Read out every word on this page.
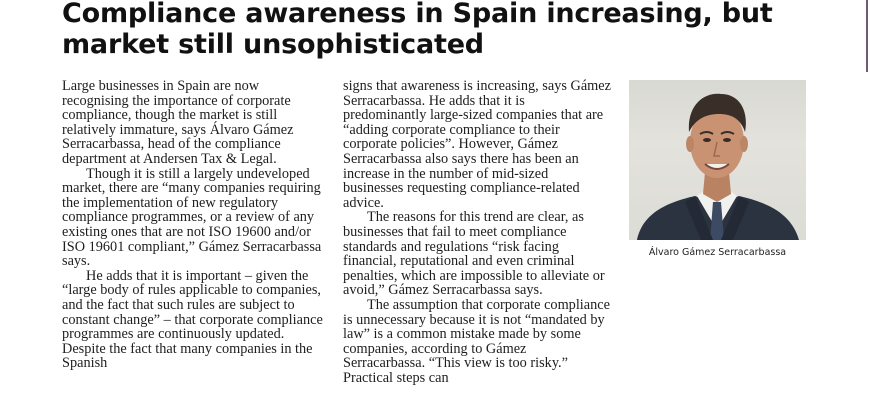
Compliance awareness in Spain increasing, but market still unsophisticated

Large businesses in Spain are now recognising the importance of corporate compliance, though the market is still relatively immature, says Álvaro Gámez Serracarbassa, head of the compliance department at Andersen Tax & Legal.

Though it is still a largely undeveloped market, there are “many companies requiring the implementation of new regulatory compliance programmes, or a review of any existing ones that are not ISO 19600 and/or ISO 19601 compliant,” Gámez Serracarbassa says.

He adds that it is important – given the “large body of rules applicable to companies, and the fact that such rules are subject to constant change” – that corporate compliance programmes are continuously updated. Despite the fact that many companies in the Spanish

signs that awareness is increasing, says Gámez Serracarbassa. He adds that it is predominantly large-sized companies that are “adding corporate compliance to their corporate policies”. However, Gámez Serracarbassa also says there has been an increase in the number of mid-sized businesses requesting compliance-related advice.

The reasons for this trend are clear, as businesses that fail to meet compliance standards and regulations “risk facing financial, reputational and even criminal penalties, which are impossible to alleviate or avoid,” Gámez Serracarbassa says.

The assumption that corporate compliance is unnecessary because it is not “mandated by law” is a common mistake made by some companies, according to Gámez Serracarbassa. “This view is too risky.” Practical steps can

Álvaro Gámez Serracarbassa
